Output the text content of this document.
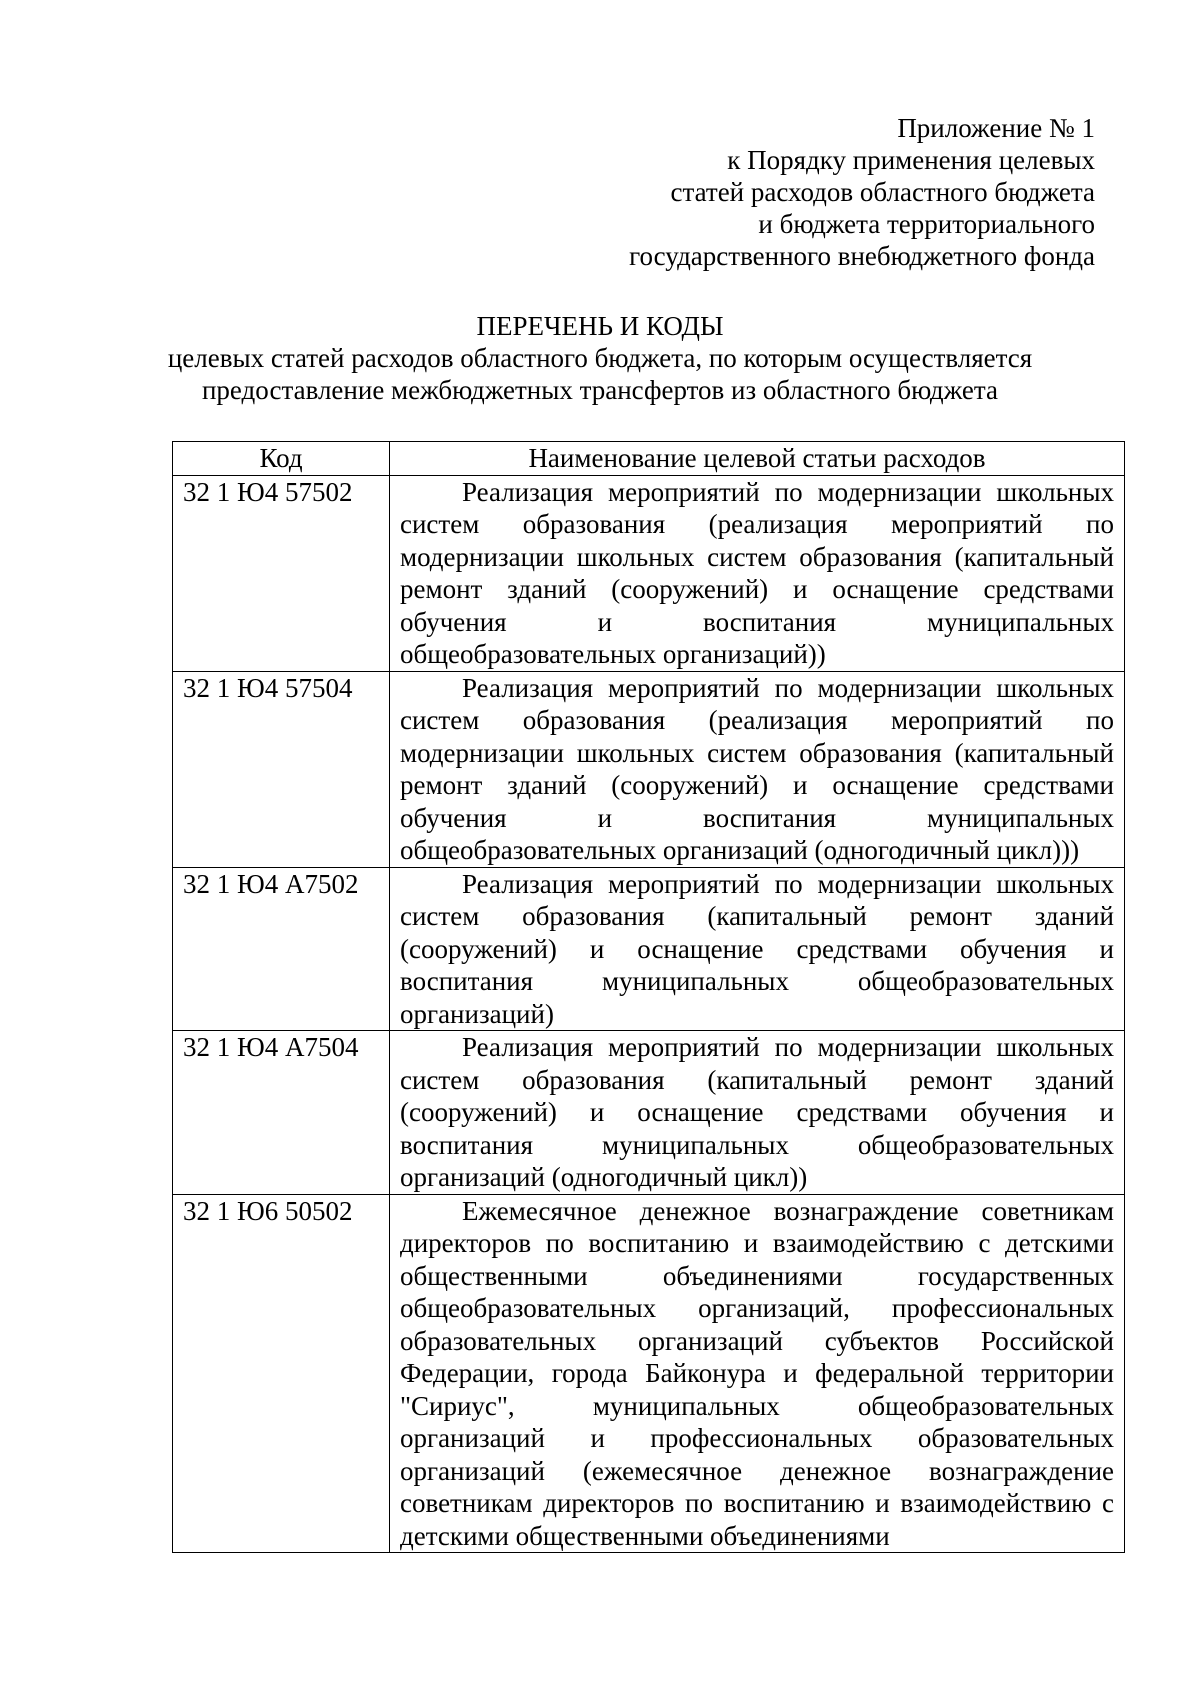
Приложение № 1
к Порядку применения целевых
статей расходов областного бюджета
и бюджета территориального
государственного внебюджетного фонда
ПЕРЕЧЕНЬ И КОДЫ
целевых статей расходов областного бюджета, по которым осуществляется
предоставление межбюджетных трансфертов из областного бюджета
Код	Наименование целевой статьи расходов
32 1 Ю4 57502	Реализация мероприятий по модернизации школьных систем образования (реализация мероприятий по модернизации школьных систем образования (капитальный ремонт зданий (сооружений) и оснащение средствами обучения и воспитания муниципальных общеобразовательных организаций))
32 1 Ю4 57504	Реализация мероприятий по модернизации школьных систем образования (реализация мероприятий по модернизации школьных систем образования (капитальный ремонт зданий (сооружений) и оснащение средствами обучения и воспитания муниципальных общеобразовательных организаций (одногодичный цикл)))
32 1 Ю4 А7502	Реализация мероприятий по модернизации школьных систем образования (капитальный ремонт зданий (сооружений) и оснащение средствами обучения и воспитания муниципальных общеобразовательных организаций)
32 1 Ю4 А7504	Реализация мероприятий по модернизации школьных систем образования (капитальный ремонт зданий (сооружений) и оснащение средствами обучения и воспитания муниципальных общеобразовательных организаций (одногодичный цикл))
32 1 Ю6 50502	Ежемесячное денежное вознаграждение советникам директоров по воспитанию и взаимодействию с детскими общественными объединениями государственных общеобразовательных организаций, профессиональных образовательных организаций субъектов Российской Федерации, города Байконура и федеральной территории "Сириус", муниципальных общеобразовательных организаций и профессиональных образовательных организаций (ежемесячное денежное вознаграждение советникам директоров по воспитанию и взаимодействию с детскими общественными объединениями
